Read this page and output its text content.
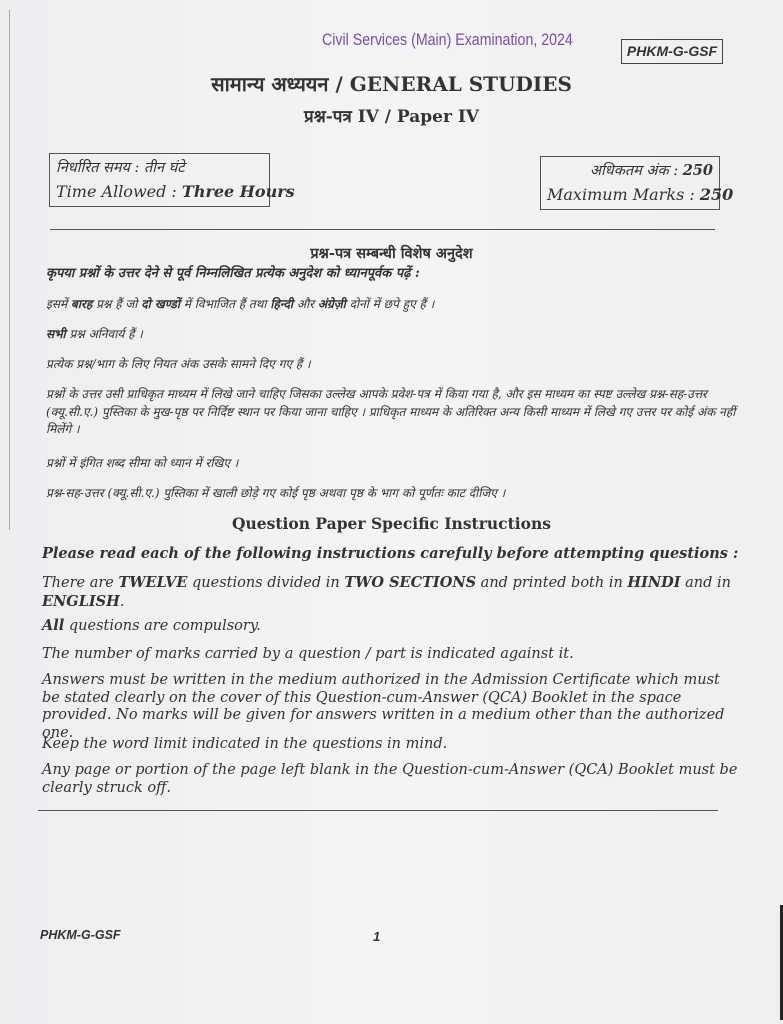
Civil Services (Main) Examination, 2024
PHKM-G-GSF
सामान्य अध्ययन / GENERAL STUDIES
प्रश्न-पत्र IV / Paper IV
निर्धारित समय : तीन घंटे
Time Allowed : Three Hours
अधिकतम अंक : 250
Maximum Marks : 250
प्रश्न-पत्र सम्बन्धी विशेष अनुदेश
कृपया प्रश्नों के उत्तर देने से पूर्व निम्नलिखित प्रत्येक अनुदेश को ध्यानपूर्वक पढ़ें :
इसमें बारह प्रश्न हैं जो दो खण्डों में विभाजित हैं तथा हिन्दी और अंग्रेज़ी दोनों में छपे हुए हैं ।
सभी प्रश्न अनिवार्य हैं ।
प्रत्येक प्रश्न/भाग के लिए नियत अंक उसके सामने दिए गए हैं ।
प्रश्नों के उत्तर उसी प्राधिकृत माध्यम में लिखे जाने चाहिए जिसका उल्लेख आपके प्रवेश-पत्र में किया गया है, और इस माध्यम का स्पष्ट उल्लेख प्रश्न-सह-उत्तर (क्यू.सी.ए.) पुस्तिका के मुख-पृष्ठ पर निर्दिष्ट स्थान पर किया जाना चाहिए । प्राधिकृत माध्यम के अतिरिक्त अन्य किसी माध्यम में लिखे गए उत्तर पर कोई अंक नहीं मिलेंगे ।
प्रश्नों में इंगित शब्द सीमा को ध्यान में रखिए ।
प्रश्न-सह-उत्तर (क्यू.सी.ए.) पुस्तिका में खाली छोड़े गए कोई पृष्ठ अथवा पृष्ठ के भाग को पूर्णतः काट दीजिए ।
Question Paper Specific Instructions
Please read each of the following instructions carefully before attempting questions :
There are TWELVE questions divided in TWO SECTIONS and printed both in HINDI and in ENGLISH.
All questions are compulsory.
The number of marks carried by a question / part is indicated against it.
Answers must be written in the medium authorized in the Admission Certificate which must be stated clearly on the cover of this Question-cum-Answer (QCA) Booklet in the space provided. No marks will be given for answers written in a medium other than the authorized one.
Keep the word limit indicated in the questions in mind.
Any page or portion of the page left blank in the Question-cum-Answer (QCA) Booklet must be clearly struck off.
PHKM-G-GSF	1
